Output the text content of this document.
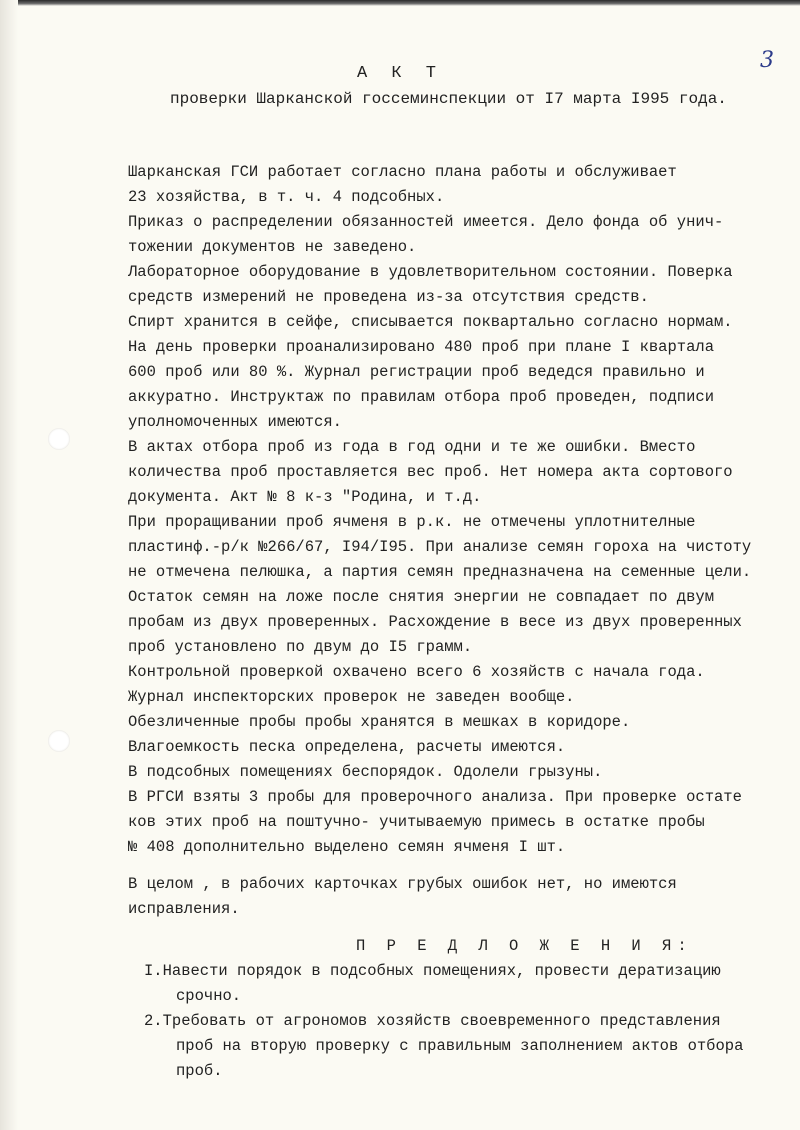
3
А К Т
проверки Шарканской госсеминспекции от I7 марта I995 года.
Шарканская ГСИ работает согласно плана работы и обслуживает
23 хозяйства, в т. ч. 4 подсобных.
Приказ о распределении обязанностей имеется. Дело фонда об унич-
тожении документов не заведено.
Лабораторное оборудование в удовлетворительном состоянии. Поверка
средств измерений не проведена из-за отсутствия средств.
Спирт хранится в сейфе, списывается поквартально согласно нормам.
На день проверки проанализировано 480 проб при плане I квартала
600 проб или 80 %. Журнал регистрации проб ведедся правильно и
аккуратно. Инструктаж по правилам отбора проб проведен, подписи
уполномоченных имеются.
В актах отбора проб из года в год одни и те же ошибки. Вместо
количества проб проставляется вес проб. Нет номера акта сортового
документа. Акт № 8 к-з "Родина, и т.д.
При проращивании проб ячменя в р.к. не отмечены уплотнителные
пластинф.-р/к №266/67, I94/I95. При анализе семян гороха на чистоту
не отмечена пелюшка, а партия семян предназначена на семенные цели.
Остаток семян на ложе после снятия энергии не совпадает по двум
пробам из двух проверенных. Расхождение в весе из двух проверенных
проб установлено по двум до I5 грамм.
Контрольной проверкой охвачено всего 6 хозяйств с начала года.
Журнал инспекторских проверок не заведен вообще.
Обезличенные пробы пробы хранятся в мешках в коридоре.
Влагоемкость песка определена, расчеты имеются.
В подсобных помещениях беспорядок. Одолели грызуны.
В РГСИ взяты 3 пробы для проверочного анализа. При проверке остате
ков этих проб на поштучно- учитываемую примесь в остатке пробы
№ 408 дополнительно выделено семян ячменя I шт.
В целом , в рабочих карточках грубых ошибок нет, но имеются
исправления.
П Р Е Д Л О Ж Е Н И Я:
I.Навести порядок в подсобных помещениях, провести дератизацию
срочно.
2.Требовать от агрономов хозяйств своевременного представления
проб на вторую проверку с правильным заполнением актов отбора
проб.
